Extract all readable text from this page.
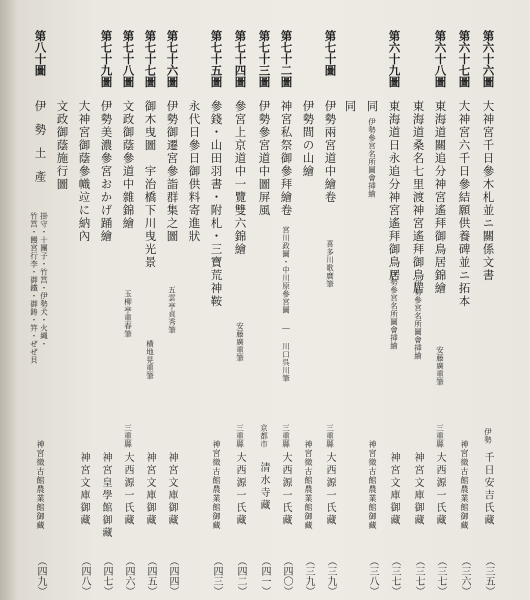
第六十六圖
大神宮千日參木札並ニ關係文書
伊勢
千日安吉氏藏
（三五）
第六十七圖
大神宮六千日參結願供養碑並ニ拓本
神宮徵古館農業館御藏
（三六）
第六十八圖
東海道關追分神宮遙拜御鳥居錦繪
安藤廣重筆
三重縣
大西源一氏藏
（三七）
東海道桑名七里渡神宮遙拜御鳥居
伊勢參宮名所圖會挿繪
神宮文庫御藏
（三七）
第六十九圖
東海道日永追分神宮遙拜御鳥居
伊勢參宮名所圖會挿繪
神宮文庫御藏
（三七）
同
伊勢參宮名所圖會挿繪
神宮徵古館農業館御藏
（三八）
同
第七十圖
伊勢兩宮道中繪卷
喜多川歌麿筆
三重縣
大西源一氏藏
（三九）
伊勢間の山繪
神宮徵古館農業館御藏
（三九）
第七十二圖
神宮私祭御參拜繪卷
宮川政圖・中川原參宮圖 ― 川口呉川筆
三重縣
大西源一氏藏
（四〇）
第七十三圖
伊勢參宮道中圖屏風
京都市
清水寺藏
（四一）
第七十四圖
參宮上京道中一覽雙六錦繪
安藤廣重筆
三重縣
大西源一氏藏
（四二）
第七十五圖
參錢・山田羽書・附札・三寶荒神鞍
神宮徵古館農業館御藏
（四三）
永代日參日御供料寄進狀
第七十六圖
伊勢御遷宮參詣群集之圖
五雲亭貞秀筆
神宮文庫御藏
（四四）
第七十七圖
御木曳圖　宇治橋下川曳光景
横地晃重筆
神宮文庫御藏
（四五）
第七十八圖
文政御蔭參道中雜錦繪
玉柳亭重春筆
三重縣
大西源一氏藏
（四六）
伊勢美濃參宮おかげ踊繪
神宮皇學館御藏
（四七）
第七十九圖
大神宮御蔭參幟竝に納內
文政御蔭施行圖
神宮文庫御藏
（四八）
第八十圖
伊勢土產
掛守・十團子・竹筥・伊勢犬・火縄・
竹筥・饅宮行李・御鐵・御鋳・笄・ぜぜ貝
神宮徵古館農業館御藏
（四九）
